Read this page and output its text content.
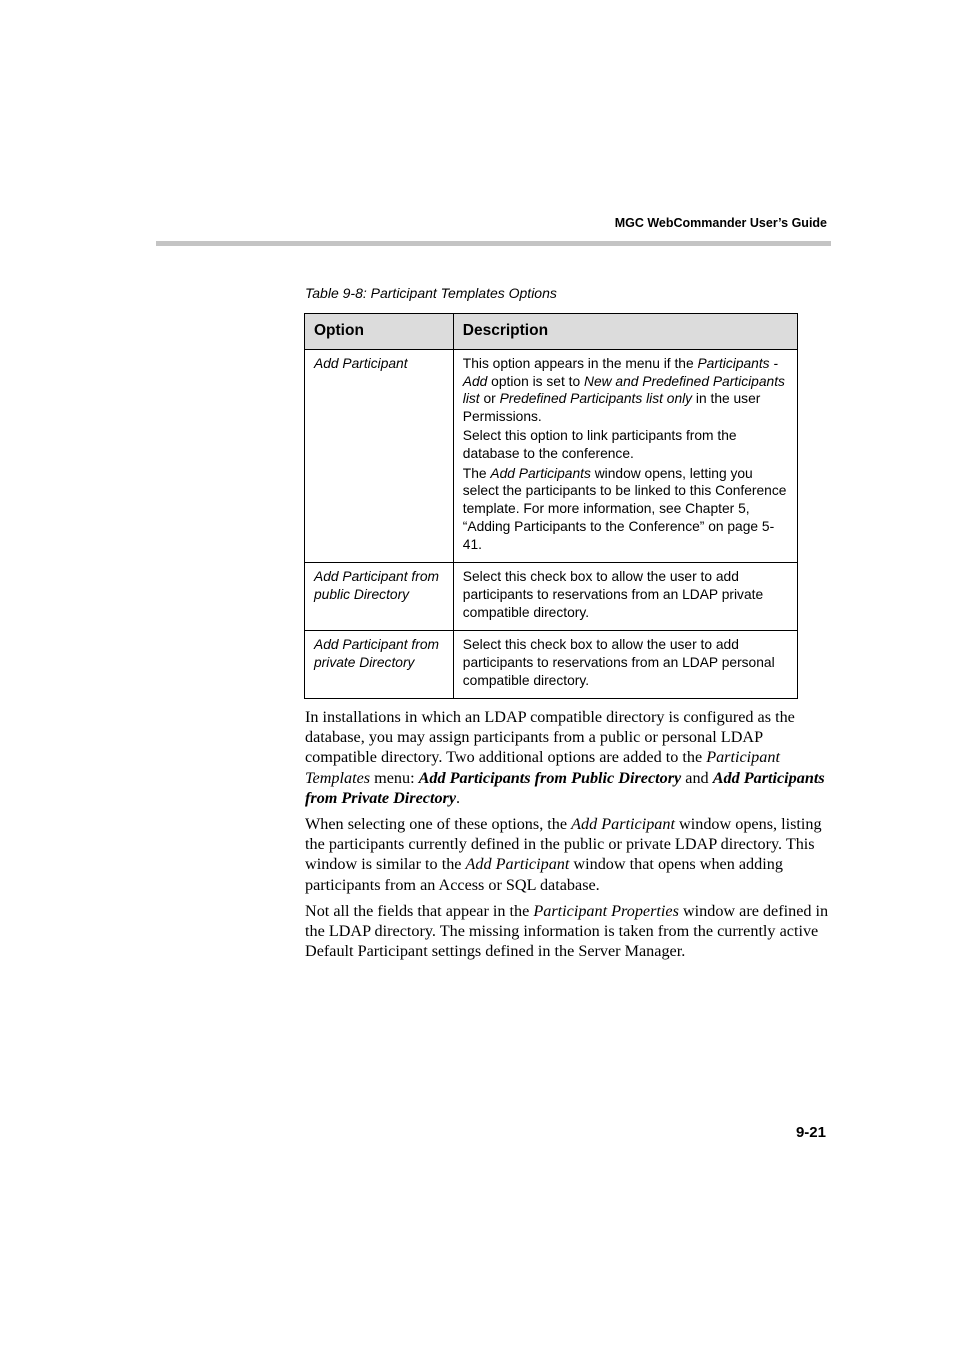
MGC WebCommander User’s Guide
Table 9-8: Participant Templates Options
Option	Description
Add Participant	This option appears in the menu if the Participants - Add option is set to New and Predefined Participants list or Predefined Participants list only in the user Permissions.

Select this option to link participants from the database to the conference.

The Add Participants window opens, letting you select the participants to be linked to this Conference template. For more information, see Chapter 5, “Adding Participants to the Conference” on page 5-41.

Add Participant from public Directory	Select this check box to allow the user to add participants to reservations from an LDAP private compatible directory.

Add Participant from private Directory	Select this check box to allow the user to add participants to reservations from an LDAP personal compatible directory.

In installations in which an LDAP compatible directory is configured as the database, you may assign participants from a public or personal LDAP compatible directory. Two additional options are added to the Participant Templates menu: Add Participants from Public Directory and Add Participants from Private Directory.

When selecting one of these options, the Add Participant window opens, listing the participants currently defined in the public or private LDAP directory. This window is similar to the Add Participant window that opens when adding participants from an Access or SQL database.

Not all the fields that appear in the Participant Properties window are defined in the LDAP directory. The missing information is taken from the currently active Default Participant settings defined in the Server Manager.

9-21
